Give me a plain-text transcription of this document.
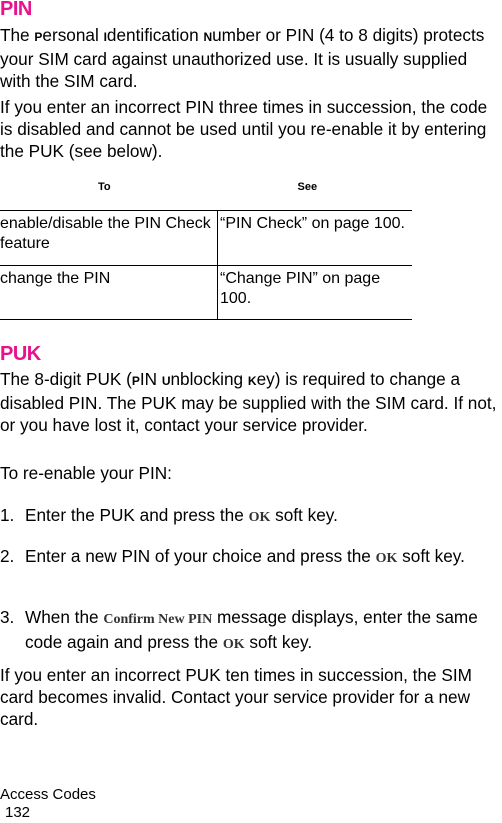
PIN
The Personal Identification Number or PIN (4 to 8 digits) protects your SIM card against unauthorized use. It is usually supplied with the SIM card.
If you enter an incorrect PIN three times in succession, the code is disabled and cannot be used until you re-enable it by entering the PUK (see below).
To	See
enable/disable the PIN Check feature	“PIN Check” on page 100.
change the PIN	“Change PIN” on page 100.
PUK
The 8-digit PUK (PIN Unblocking Key) is required to change a disabled PIN. The PUK may be supplied with the SIM card. If not, or you have lost it, contact your service provider.
To re-enable your PIN:
1. Enter the PUK and press the OK soft key.
2. Enter a new PIN of your choice and press the OK soft key.
3. When the Confirm New PIN message displays, enter the same code again and press the OK soft key.
If you enter an incorrect PUK ten times in succession, the SIM card becomes invalid. Contact your service provider for a new card.
Access Codes
132
